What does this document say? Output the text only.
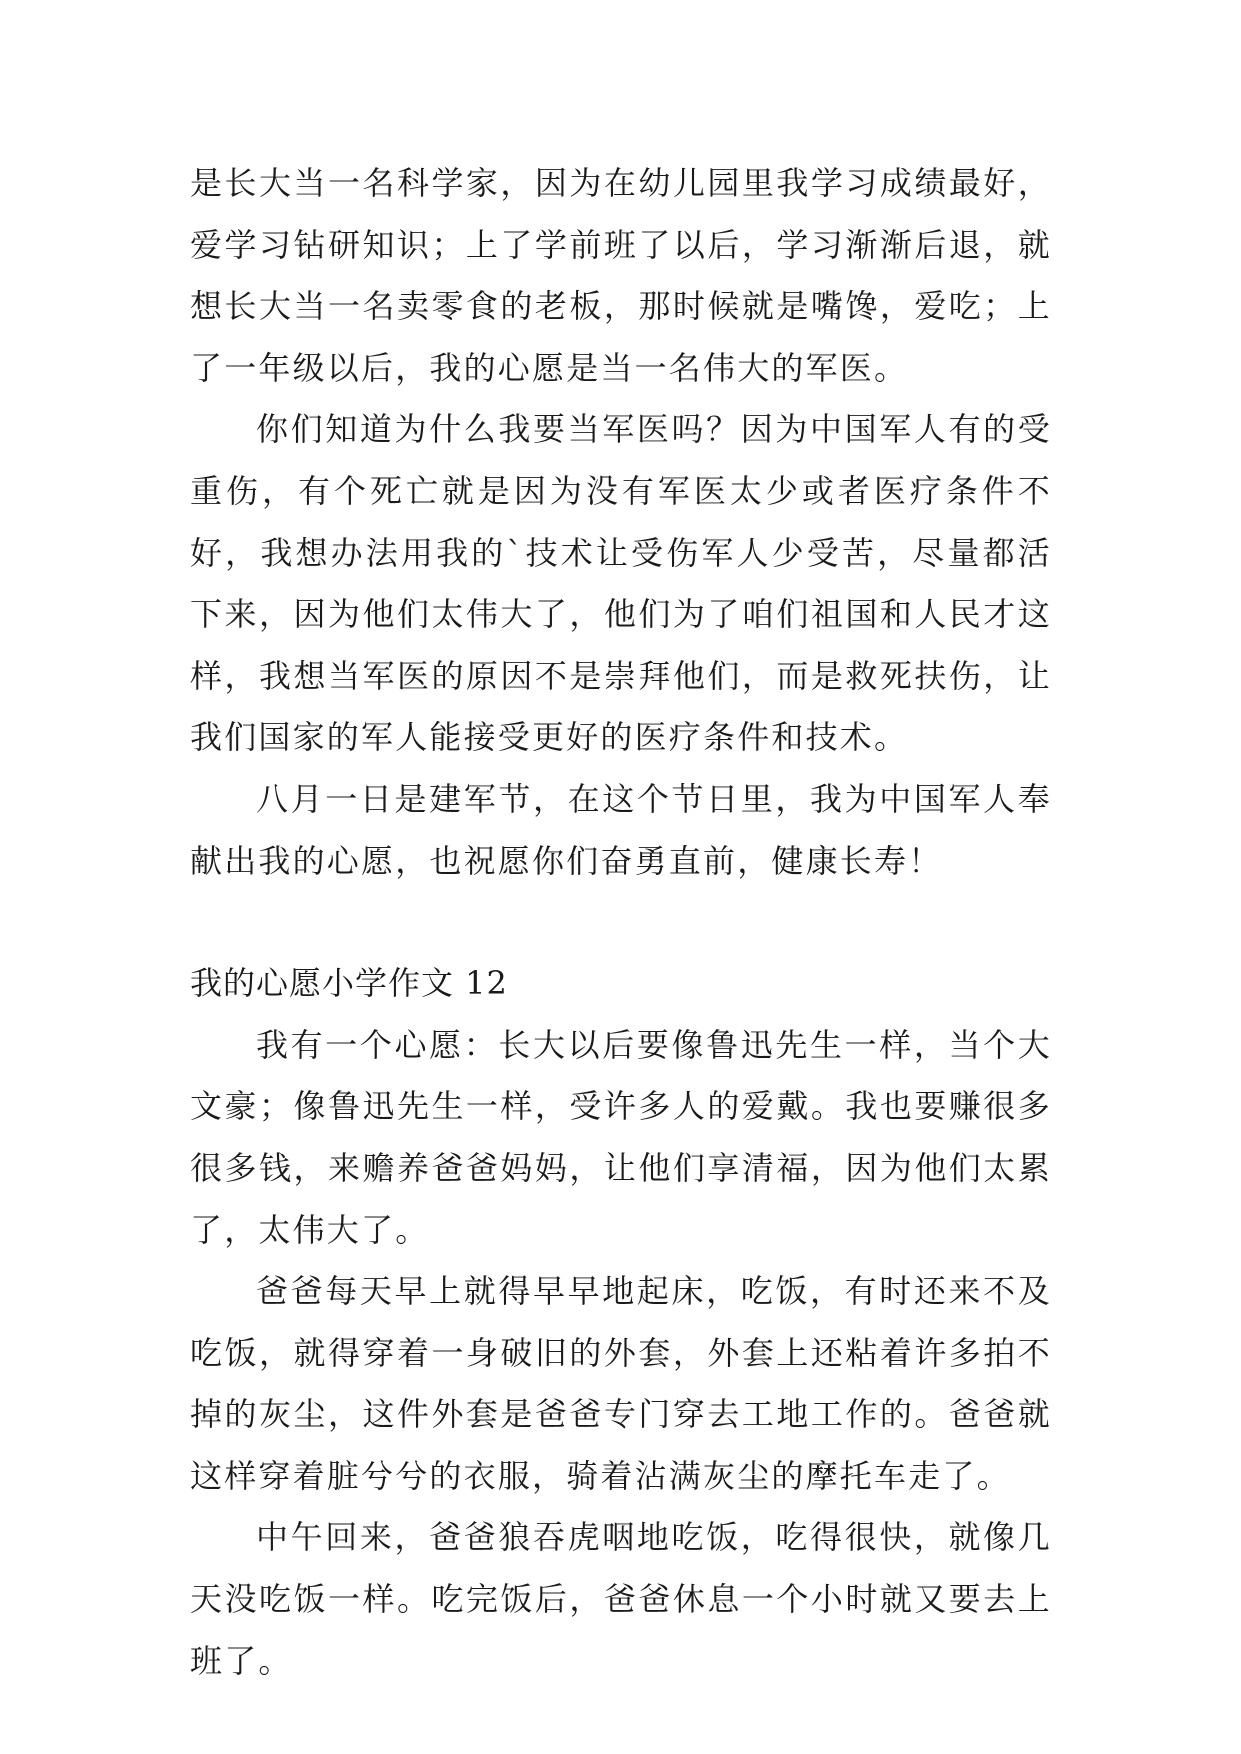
是长大当一名科学家，因为在幼儿园里我学习成绩最好，爱学习钻研知识；上了学前班了以后，学习渐渐后退，就想长大当一名卖零食的老板，那时候就是嘴馋，爱吃；上了一年级以后，我的心愿是当一名伟大的军医。

你们知道为什么我要当军医吗？因为中国军人有的受重伤，有个死亡就是因为没有军医太少或者医疗条件不好，我想办法用我的`技术让受伤军人少受苦，尽量都活下来，因为他们太伟大了，他们为了咱们祖国和人民才这样，我想当军医的原因不是崇拜他们，而是救死扶伤，让我们国家的军人能接受更好的医疗条件和技术。

八月一日是建军节，在这个节日里，我为中国军人奉献出我的心愿，也祝愿你们奋勇直前，健康长寿！

我的心愿小学作文 12

我有一个心愿：长大以后要像鲁迅先生一样，当个大文豪；像鲁迅先生一样，受许多人的爱戴。我也要赚很多很多钱，来赡养爸爸妈妈，让他们享清福，因为他们太累了，太伟大了。

爸爸每天早上就得早早地起床，吃饭，有时还来不及吃饭，就得穿着一身破旧的外套，外套上还粘着许多拍不掉的灰尘，这件外套是爸爸专门穿去工地工作的。爸爸就这样穿着脏兮兮的衣服，骑着沾满灰尘的摩托车走了。

中午回来，爸爸狼吞虎咽地吃饭，吃得很快，就像几天没吃饭一样。吃完饭后，爸爸休息一个小时就又要去上班了。
